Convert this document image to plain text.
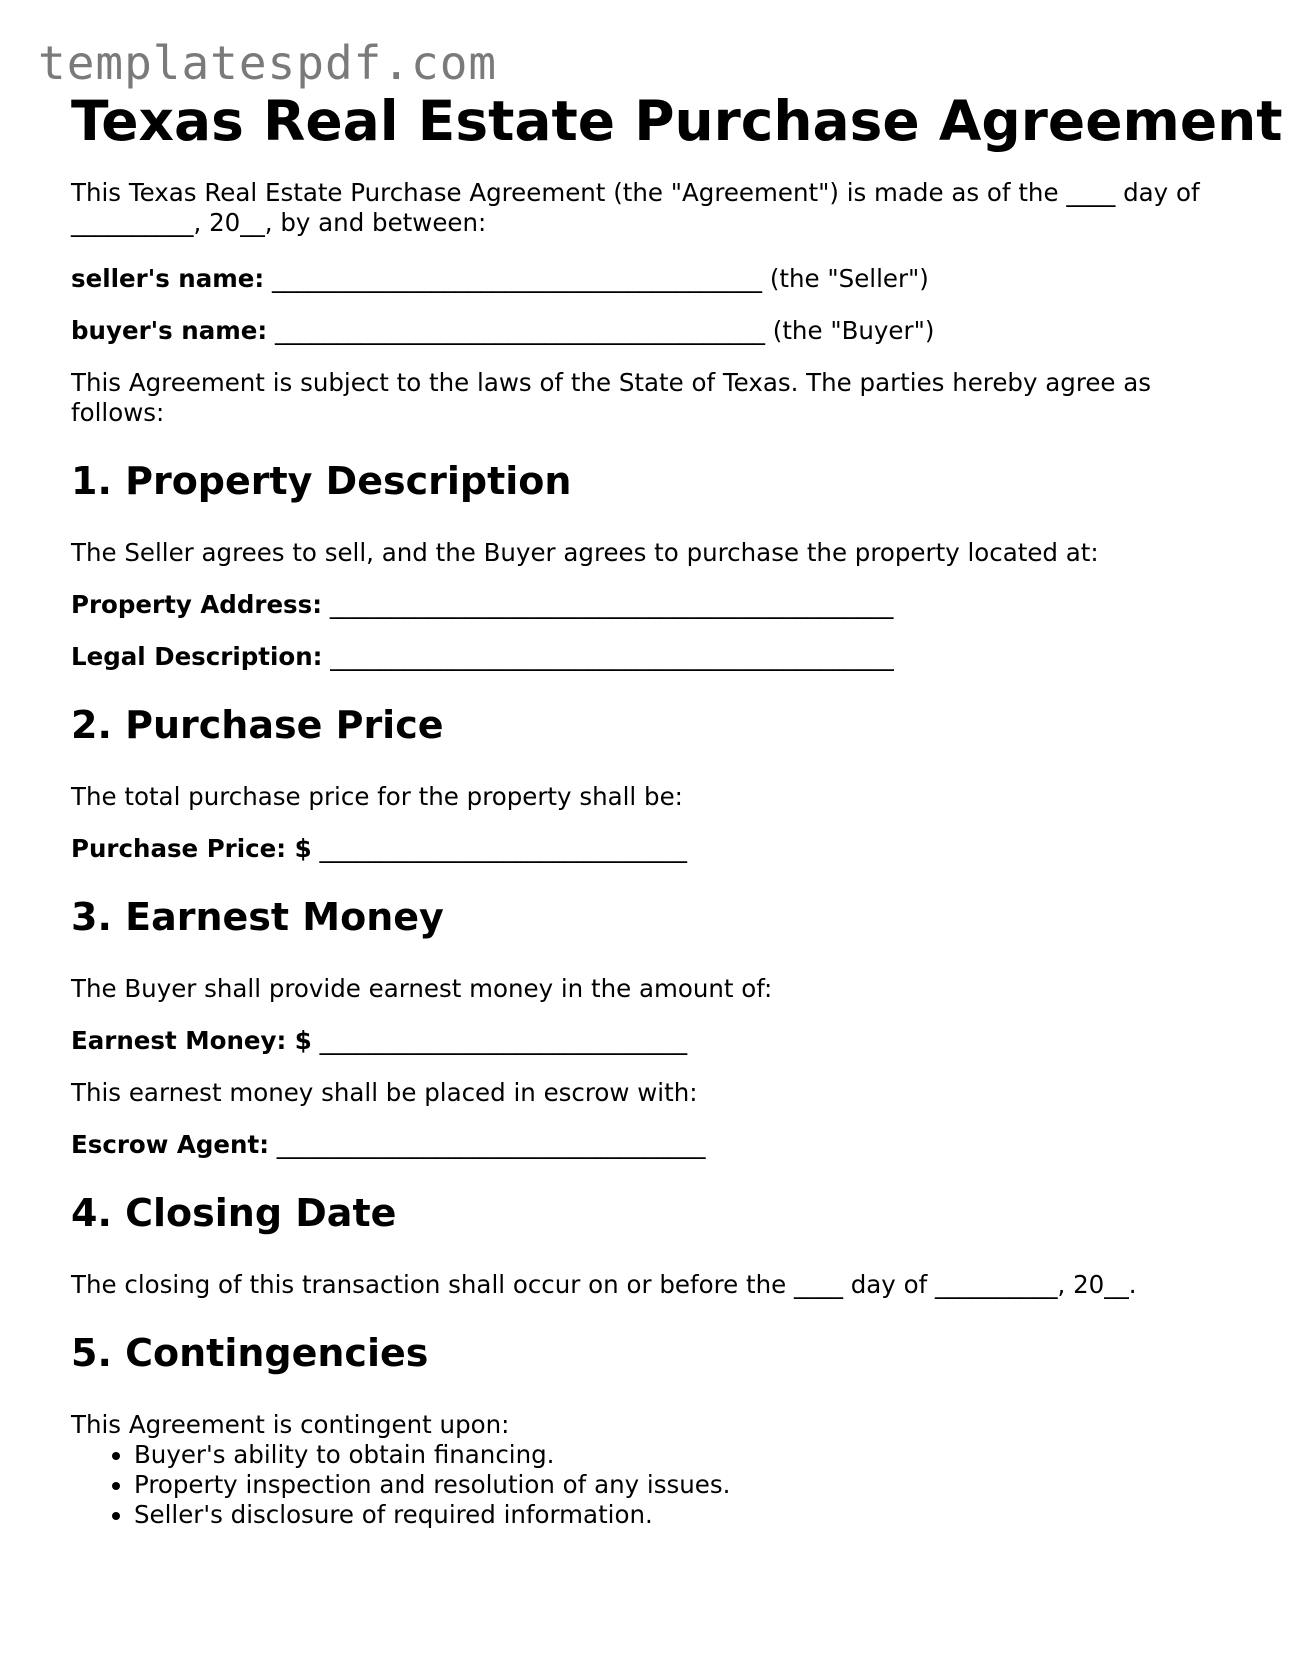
templatespdf.com
Texas Real Estate Purchase Agreement

This Texas Real Estate Purchase Agreement (the "Agreement") is made as of the ____ day of __________, 20__, by and between:

seller's name: ________________________________________ (the "Seller")

buyer's name: ________________________________________ (the "Buyer")

This Agreement is subject to the laws of the State of Texas. The parties hereby agree as follows:

1. Property Description

The Seller agrees to sell, and the Buyer agrees to purchase the property located at:

Property Address: ______________________________________________

Legal Description: ______________________________________________

2. Purchase Price

The total purchase price for the property shall be:

Purchase Price: $ ______________________________

3. Earnest Money

The Buyer shall provide earnest money in the amount of:

Earnest Money: $ ______________________________

This earnest money shall be placed in escrow with:

Escrow Agent: ___________________________________

4. Closing Date

The closing of this transaction shall occur on or before the ____ day of __________, 20__.

5. Contingencies

This Agreement is contingent upon:

• Buyer's ability to obtain financing.
• Property inspection and resolution of any issues.
• Seller's disclosure of required information.
